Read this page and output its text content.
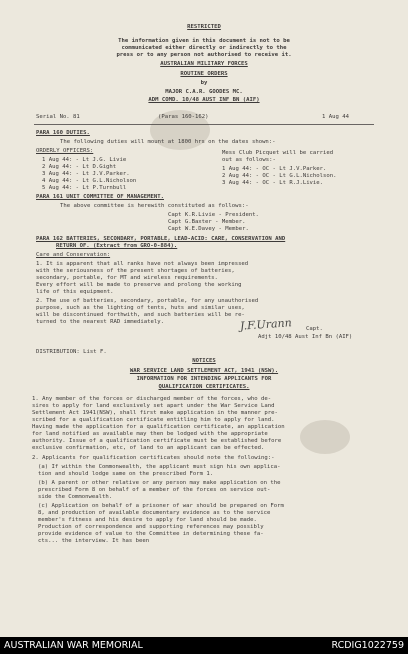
RESTRICTED
The information given in this document is not to be
communicated either directly or indirectly to the
press or to any person not authorised to receive it.
AUSTRALIAN MILITARY FORCES
ROUTINE ORDERS
by
MAJOR C.A.R. GOODES MC.
ADM COMD. 10/48 AUST INF BN (AIF)
Serial No. 81	(Paras 160-162)	1 Aug 44
PARA 160 DUTIES.
The following duties will mount at 1800 hrs on the dates shown:-
ORDERLY OFFICERS:	Mess Club Picquet will be carried
out as follows:-
1 Aug 44: - Lt J.G. Livie
2 Aug 44: - Lt D.Gight
3 Aug 44: - Lt J.V.Parker.
4 Aug 44: - Lt G.L.Nicholson
5 Aug 44: - Lt P.Turnbull
1 Aug 44: - OC - Lt J.V.Parker.
2 Aug 44: - OC - Lt G.L.Nicholson.
3 Aug 44: - OC - Lt R.J.Livie.
PARA 161 UNIT COMMITTEE OF MANAGEMENT.
The above committee is herewith constituted as follows:-
Capt K.R.Livie - President.
Capt G.Baxter - Member.
Capt W.E.Davey - Member.
PARA 162 BATTERIES, SECONDARY, PORTABLE, LEAD-ACID: CARE, CONSERVATION AND
RETURN OF. (Extract from GRO-0-884).
Care and Conservation:
1. It is apparent that all ranks have not always been impressed
with the seriousness of the present shortages of batteries,
secondary, portable, for MT and wireless requirements.
Every effort will be made to preserve and prolong the working
life of this equipment.
2. The use of batteries, secondary, portable, for any unauthorised
purpose, such as the lighting of tents, huts and similar uses,
will be discontinued forthwith, and such batteries will be re-
turned to the nearest RAD immediately.	J.F.Urann Capt.
Adjt 10/48 Aust Inf Bn (AIF)
DISTRIBUTION: List F.
NOTICES
WAR SERVICE LAND SETTLEMENT ACT, 1941 (NSW).
INFORMATION FOR INTENDING APPLICANTS FOR
QUALIFICATION CERTIFICATES.
1. Any member of the forces or discharged member of the forces, who de-
sires to apply for land exclusively set apart under the War Service Land
Settlement Act 1941(NSW), shall first make application in the manner pre-
scribed for a qualification certificate entitling him to apply for land.
Having made the application for a qualification certificate, an application
for land notified as available may then be lodged with the appropriate
authority. Issue of a qualification certificate must be established before
exclusive confirmation, etc, of land to an applicant can be effected.
2. Applicants for qualification certificates should note the following:-
(a) If within the Commonwealth, the applicant must sign his own applica-
tion and should lodge same on the prescribed Form 1.
(b) A parent or other relative or any person may make application on the
prescribed Form 8 on behalf of a member of the forces on service out-
side the Commonwealth.
(c) Application on behalf of a prisoner of war should be prepared on Form
8, and production of available documentary evidence as to the service
member's fitness and his desire to apply for land should be made.
Production of correspondence and supporting references may possibly
provide evidence of value to the Committee in determining these fa-
cts... the interview. It has been
AUSTRALIAN WAR MEMORIAL	RCDIG1022759
